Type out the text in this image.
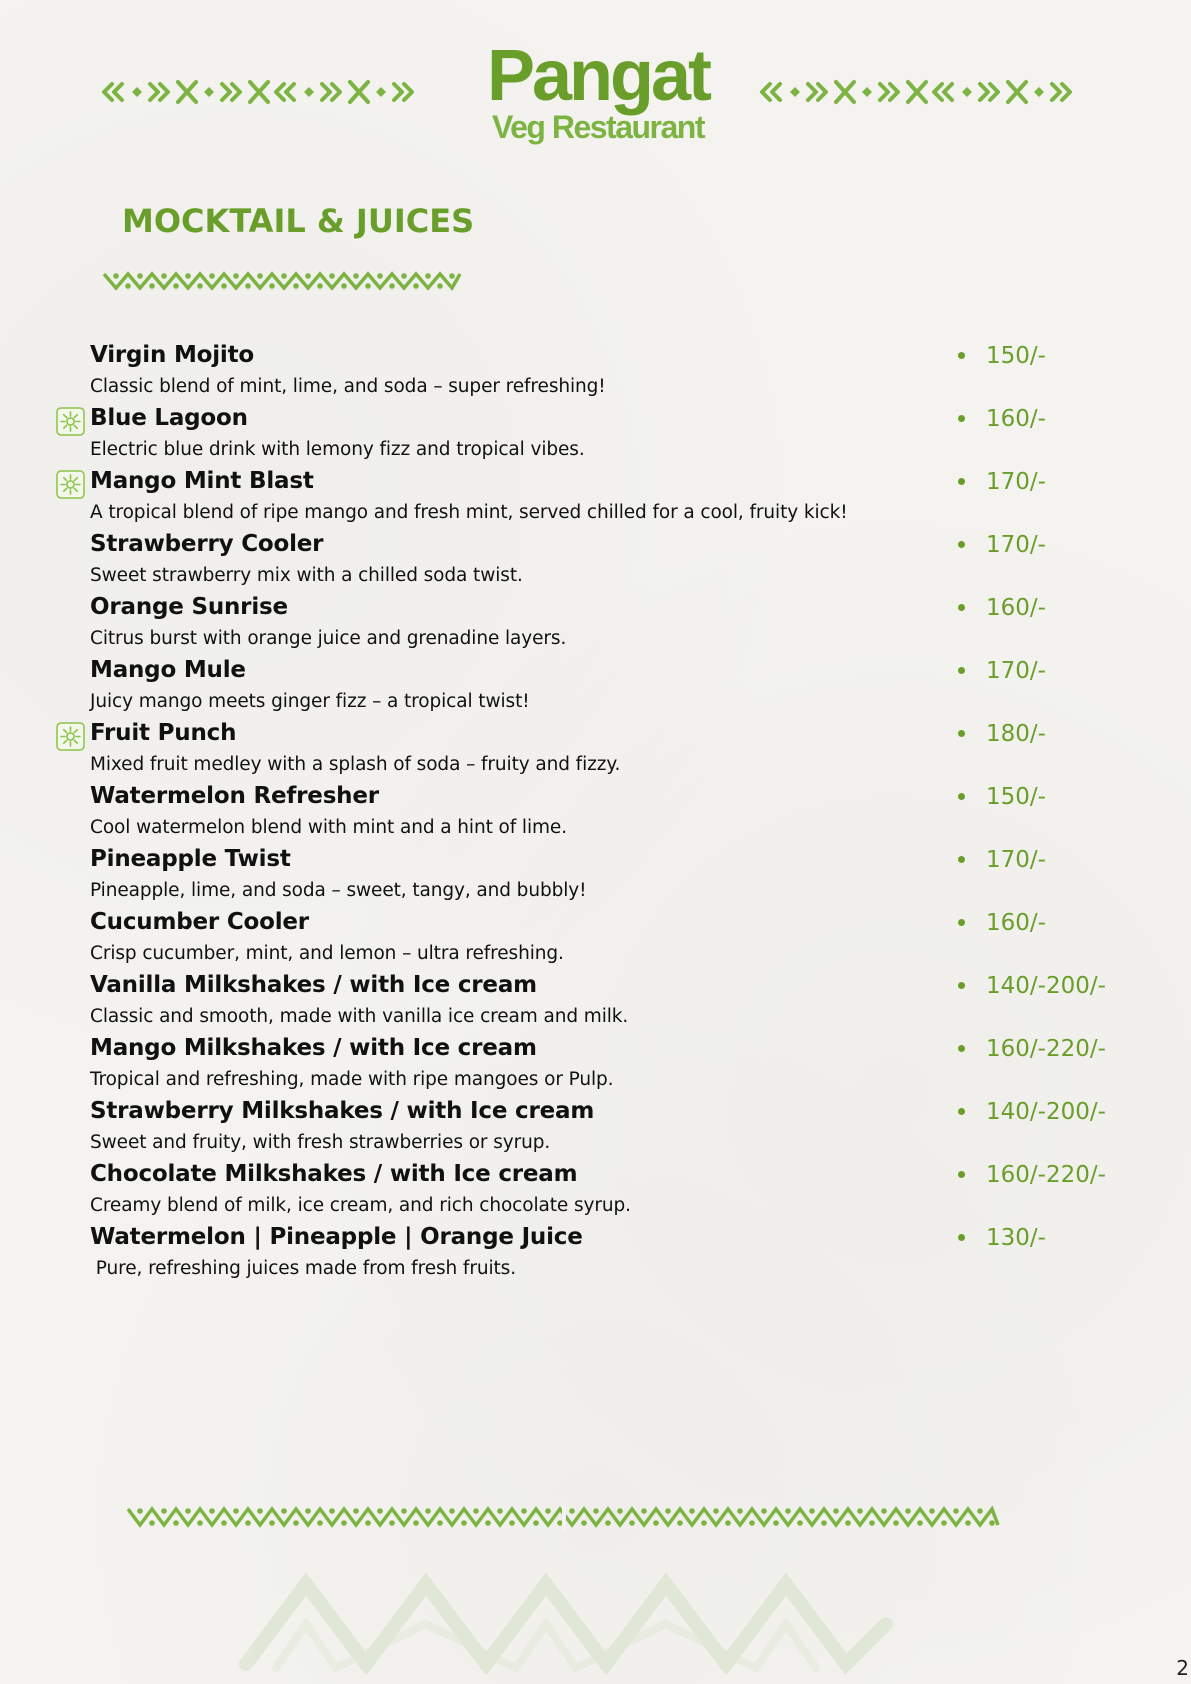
Pangat
Veg Restaurant
MOCKTAIL & JUICES
Virgin Mojito
Classic blend of mint, lime, and soda – super refreshing!
150/-
Blue Lagoon
Electric blue drink with lemony fizz and tropical vibes.
160/-
Mango Mint Blast
A tropical blend of ripe mango and fresh mint, served chilled for a cool, fruity kick!
170/-
Strawberry Cooler
Sweet strawberry mix with a chilled soda twist.
170/-
Orange Sunrise
Citrus burst with orange juice and grenadine layers.
160/-
Mango Mule
Juicy mango meets ginger fizz – a tropical twist!
170/-
Fruit Punch
Mixed fruit medley with a splash of soda – fruity and fizzy.
180/-
Watermelon Refresher
Cool watermelon blend with mint and a hint of lime.
150/-
Pineapple Twist
Pineapple, lime, and soda – sweet, tangy, and bubbly!
170/-
Cucumber Cooler
Crisp cucumber, mint, and lemon – ultra refreshing.
160/-
Vanilla Milkshakes / with Ice cream
Classic and smooth, made with vanilla ice cream and milk.
140/-200/-
Mango Milkshakes / with Ice cream
Tropical and refreshing, made with ripe mangoes or Pulp.
160/-220/-
Strawberry Milkshakes / with Ice cream
Sweet and fruity, with fresh strawberries or syrup.
140/-200/-
Chocolate Milkshakes / with Ice cream
Creamy blend of milk, ice cream, and rich chocolate syrup.
160/-220/-
Watermelon | Pineapple | Orange Juice
Pure, refreshing juices made from fresh fruits.
130/-
2
